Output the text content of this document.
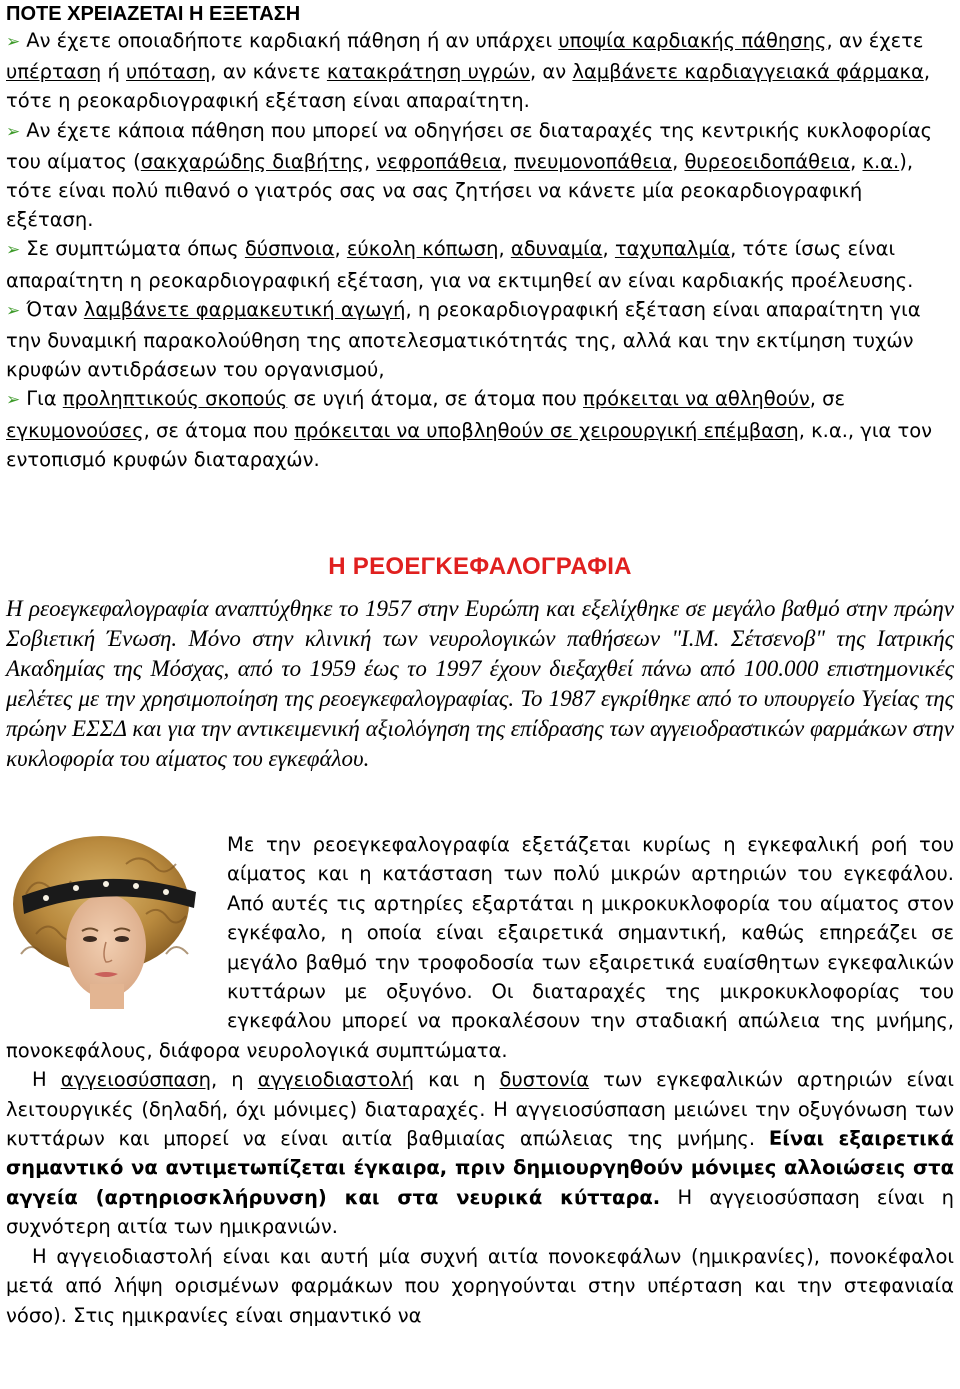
ΠΟΤΕ ΧΡΕΙΑΖΕΤΑΙ Η ΕΞΕΤΑΣΗ

➢ Αν έχετε οποιαδήποτε καρδιακή πάθηση ή αν υπάρχει υποψία καρδιακής πάθησης, αν έχετε υπέρταση ή υπόταση, αν κάνετε κατακράτηση υγρών, αν λαμβάνετε καρδιαγγειακά φάρμακα, τότε η ρεοκαρδιογραφική εξέταση είναι απαραίτητη.

➢ Αν έχετε κάποια πάθηση που μπορεί να οδηγήσει σε διαταραχές της κεντρικής κυκλοφορίας του αίματος (σακχαρώδης διαβήτης, νεφροπάθεια, πνευμονοπάθεια, θυρεοειδοπάθεια, κ.α.), τότε είναι πολύ πιθανό ο γιατρός σας να σας ζητήσει να κάνετε μία ρεοκαρδιογραφική εξέταση.

➢ Σε συμπτώματα όπως δύσπνοια, εύκολη κόπωση, αδυναμία, ταχυπαλμία, τότε ίσως είναι απαραίτητη η ρεοκαρδιογραφική εξέταση, για να εκτιμηθεί αν είναι καρδιακής προέλευσης.

➢ Όταν λαμβάνετε φαρμακευτική αγωγή, η ρεοκαρδιογραφική εξέταση είναι απαραίτητη για την δυναμική παρακολούθηση της αποτελεσματικότητάς της, αλλά και την εκτίμηση τυχών κρυφών αντιδράσεων του οργανισμού,

➢ Για προληπτικούς σκοπούς σε υγιή άτομα, σε άτομα που πρόκειται να αθληθούν, σε εγκυμονούσες, σε άτομα που πρόκειται να υποβληθούν σε χειρουργική επέμβαση, κ.α., για τον εντοπισμό κρυφών διαταραχών.

Η ΡΕΟΕΓΚΕΦΑΛΟΓΡΑΦΙΑ

Η ρεοεγκεφαλογραφία αναπτύχθηκε το 1957 στην Ευρώπη και εξελίχθηκε σε μεγάλο βαθμό στην πρώην Σοβιετική Ένωση. Μόνο στην κλινική των νευρολογικών παθήσεων "Ι.Μ. Σέτσενοβ" της Ιατρικής Ακαδημίας της Μόσχας, από το 1959 έως το 1997 έχουν διεξαχθεί πάνω από 100.000 επιστημονικές μελέτες με την χρησιμοποίηση της ρεοεγκεφαλογραφίας. Το 1987 εγκρίθηκε από το υπουργείο Υγείας της πρώην ΕΣΣΔ και για την αντικειμενική αξιολόγηση της επίδρασης των αγγειοδραστικών φαρμάκων στην κυκλοφορία του αίματος του εγκεφάλου.

Με την ρεοεγκεφαλογραφία εξετάζεται κυρίως η εγκεφαλική ροή του αίματος και η κατάσταση των πολύ μικρών αρτηριών του εγκεφάλου. Από αυτές τις αρτηρίες εξαρτάται η μικροκυκλοφορία του αίματος στον εγκέφαλο, η οποία είναι εξαιρετικά σημαντική, καθώς επηρεάζει σε μεγάλο βαθμό την τροφοδοσία των εξαιρετικά ευαίσθητων εγκεφαλικών κυττάρων με οξυγόνο. Οι διαταραχές της μικροκυκλοφορίας του εγκεφάλου μπορεί να προκαλέσουν την σταδιακή απώλεια της μνήμης, πονοκεφάλους, διάφορα νευρολογικά συμπτώματα.

Η αγγειοσύσπαση, η αγγειοδιαστολή και η δυστονία των εγκεφαλικών αρτηριών είναι λειτουργικές (δηλαδή, όχι μόνιμες) διαταραχές. Η αγγειοσύσπαση μειώνει την οξυγόνωση των κυττάρων και μπορεί να είναι αιτία βαθμιαίας απώλειας της μνήμης. Είναι εξαιρετικά σημαντικό να αντιμετωπίζεται έγκαιρα, πριν δημιουργηθούν μόνιμες αλλοιώσεις στα αγγεία (αρτηριοσκλήρυνση) και στα νευρικά κύτταρα. Η αγγειοσύσπαση είναι η συχνότερη αιτία των ημικρανιών.

Η αγγειοδιαστολή είναι και αυτή μία συχνή αιτία πονοκεφάλων (ημικρανίες), πονοκέφαλοι μετά από λήψη ορισμένων φαρμάκων που χορηγούνται στην υπέρταση και την στεφανιαία νόσο). Στις ημικρανίες είναι σημαντικό να
